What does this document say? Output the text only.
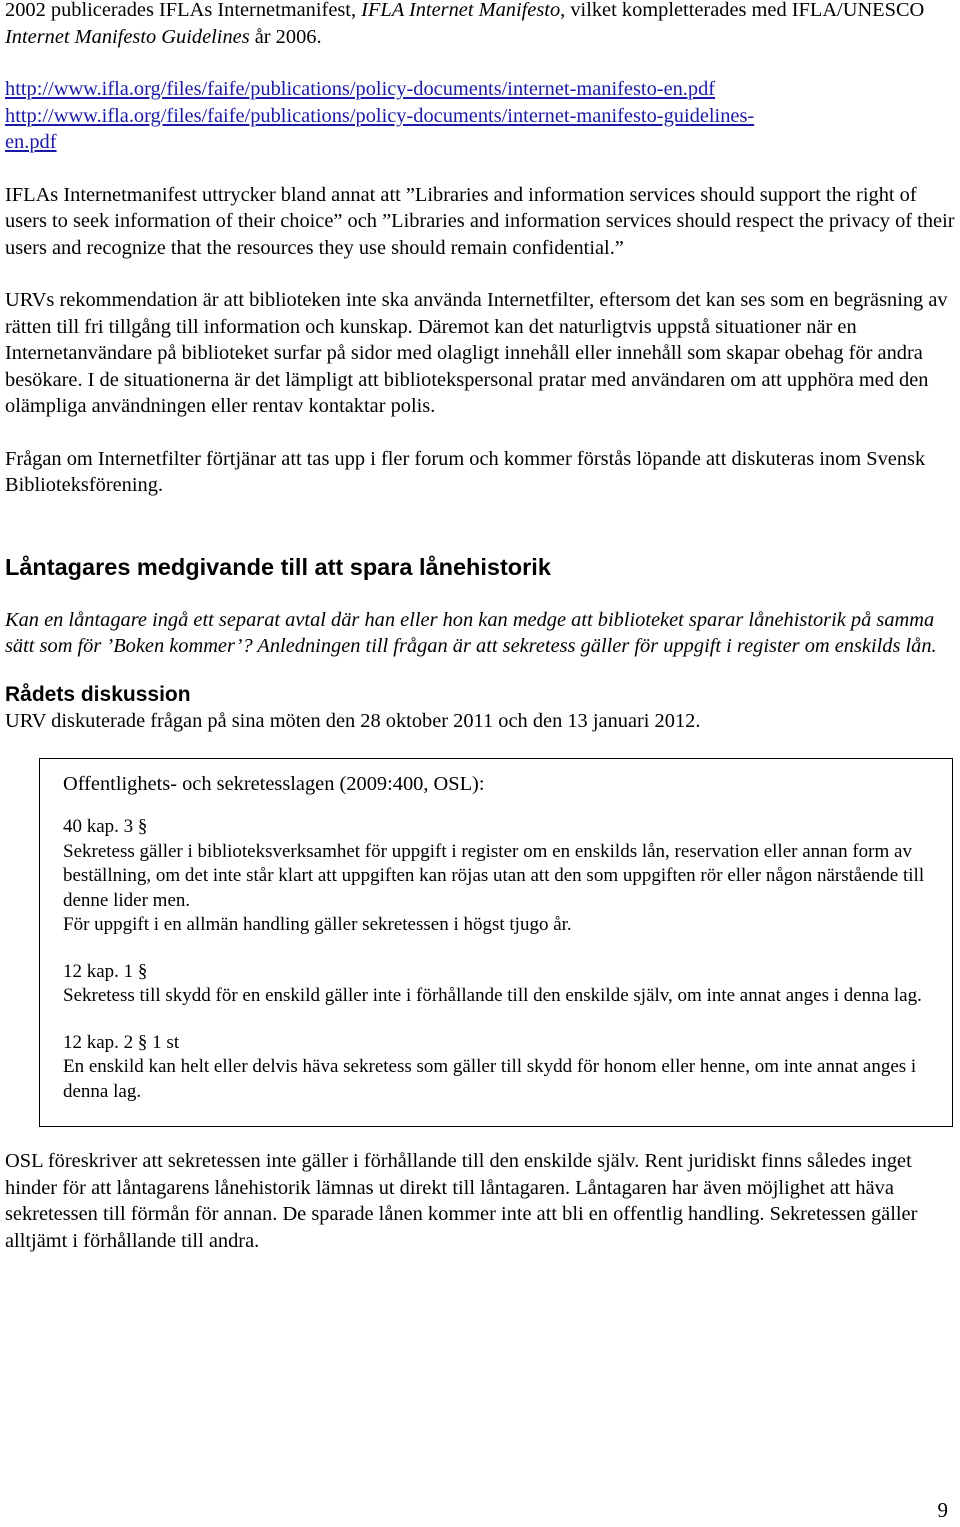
2002 publicerades IFLAs Internetmanifest, IFLA Internet Manifesto, vilket kompletterades med IFLA/UNESCO Internet Manifesto Guidelines år 2006.

http://www.ifla.org/files/faife/publications/policy-documents/internet-manifesto-en.pdf
http://www.ifla.org/files/faife/publications/policy-documents/internet-manifesto-guidelines-
en.pdf

IFLAs Internetmanifest uttrycker bland annat att ”Libraries and information services should support the right of users to seek information of their choice” och ”Libraries and information services should respect the privacy of their users and recognize that the resources they use should remain confidential.”

URVs rekommendation är att biblioteken inte ska använda Internetfilter, eftersom det kan ses som en begräsning av rätten till fri tillgång till information och kunskap. Däremot kan det naturligtvis uppstå situationer när en Internetanvändare på biblioteket surfar på sidor med olagligt innehåll eller innehåll som skapar obehag för andra besökare. I de situationerna är det lämpligt att bibliotekspersonal pratar med användaren om att upphöra med den olämpliga användningen eller rentav kontaktar polis.

Frågan om Internetfilter förtjänar att tas upp i fler forum och kommer förstås löpande att diskuteras inom Svensk Biblioteksförening.

Låntagares medgivande till att spara lånehistorik

Kan en låntagare ingå ett separat avtal där han eller hon kan medge att biblioteket sparar lånehistorik på samma sätt som för ’Boken kommer’? Anledningen till frågan är att sekretess gäller för uppgift i register om enskilds lån.

Rådets diskussion

URV diskuterade frågan på sina möten den 28 oktober 2011 och den 13 januari 2012.

Offentlighets- och sekretesslagen (2009:400, OSL):

40 kap. 3 §

Sekretess gäller i biblioteksverksamhet för uppgift i register om en enskilds lån, reservation eller annan form av beställning, om det inte står klart att uppgiften kan röjas utan att den som uppgiften rör eller någon närstående till denne lider men.

För uppgift i en allmän handling gäller sekretessen i högst tjugo år.

12 kap. 1 §

Sekretess till skydd för en enskild gäller inte i förhållande till den enskilde själv, om inte annat anges i denna lag.

12 kap. 2 § 1 st

En enskild kan helt eller delvis häva sekretess som gäller till skydd för honom eller henne, om inte annat anges i denna lag.

OSL föreskriver att sekretessen inte gäller i förhållande till den enskilde själv. Rent juridiskt finns således inget hinder för att låntagarens lånehistorik lämnas ut direkt till låntagaren. Låntagaren har även möjlighet att häva sekretessen till förmån för annan. De sparade lånen kommer inte att bli en offentlig handling. Sekretessen gäller alltjämt i förhållande till andra.

9
